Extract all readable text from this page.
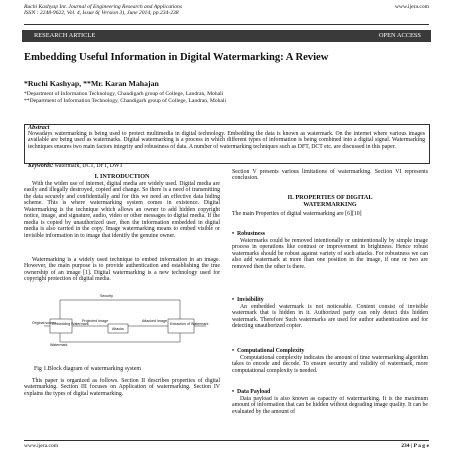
Ruchi Kashyap Int. Journal of Engineering Research and Applications
ISSN : 2248-9622, Vol. 4, Issue 6( Version 3), June 2014, pp.234-238
www.ijera.com
RESEARCH ARTICLE	OPEN ACCESS
Embedding Useful Information in Digital Watermarking: A Review
*Ruchi Kashyap, **Mr. Karan Mahajan
*Department of Information Technology, Chandigarh group of College, Landran, Mohali
**Department of Information Technology, Chandigarh group of College, Landran, Mohali
Abstract
Nowadays watermarking is being used to protect multimedia in digital technology. Embedding the data is known as watermark. On the internet where various images available are being used as watermarks. Digital watermarking is a process in which different types of information is being combined into a digital signal. Watermarking techniques ensures two main factors integrity and robustness of data. A number of watermarking techniques such as DFT, DCT etc. are discussed in this paper.
Keywords: watermark, DCT, DFT, DWT
I. INTRODUCTION
With the widen use of internet, digital media are widely used. Digital media are easily and illegally destroyed, copied and change. So there is a need of transmitting the data securely and confidentially and for this we need an effective data hiding scheme. This is where watermarking system comes in existence. Digital Watermarking is the technique which allows an owner to add hidden copyright notice, image, and signature, audio, video or other messages to digital media. If the media is copied by unauthorized user, then the information embedded in digital media is also carried in the copy. Image watermarking means to embed visible or invisible information in to image that identify the genuine owner.
Watermarking is a widely used technique to embed information in an image. However, the main purpose is to provide authentication and establishing the true ownership of an image [1]. Digital watermarking is a new technology used for copyright protection of digital media.
Security
Original source
Embedding Watermark
Projected Image
Attacks
Attacked Image
Extraction of Watermark
Watermark
Fig 1.Block diagram of watermarking system
This paper is organized as follows. Section II describes properties of digital watermarking. Section III focuses on Application of watermarking. Section IV explains the types of digital watermarking.
Section V presents various limitations of watermarking. Section VI represents conclusion.
II. PROPERTIES OF DIGITAL
WATERMARKING
The main Properties of digital watermarking are [6][10]
•  Robustness
Watermarks could be removed intentionally or unintentionally by simple image process in operations like contrast or improvement in brightness. Hence robust watermarks should be robust against variety of such attacks. For robustness we can also add watermark at more than one position in the image, if one or two are removed then the other is there.
•  Invisibility
An embedded watermark is not noticeable. Content consist of invisible watermark that is hidden in it. Authorized party can only detect this hidden watermark. Therefore Such watermarks are used for author authentication and for detecting unauthorized copier.
•  Computational Complexity
Computational complexity indicates the amount of time watermarking algorithm takes to encode and decode. To ensure security and validity of watermark, more computational complexity is needed.
•  Data Payload
Data payload is also known as capacity of watermarking. It is the maximum amount of information that can be hidden without degrading image quality. It can be evaluated by the amount of
www.ijera.com	234 | P a g e
